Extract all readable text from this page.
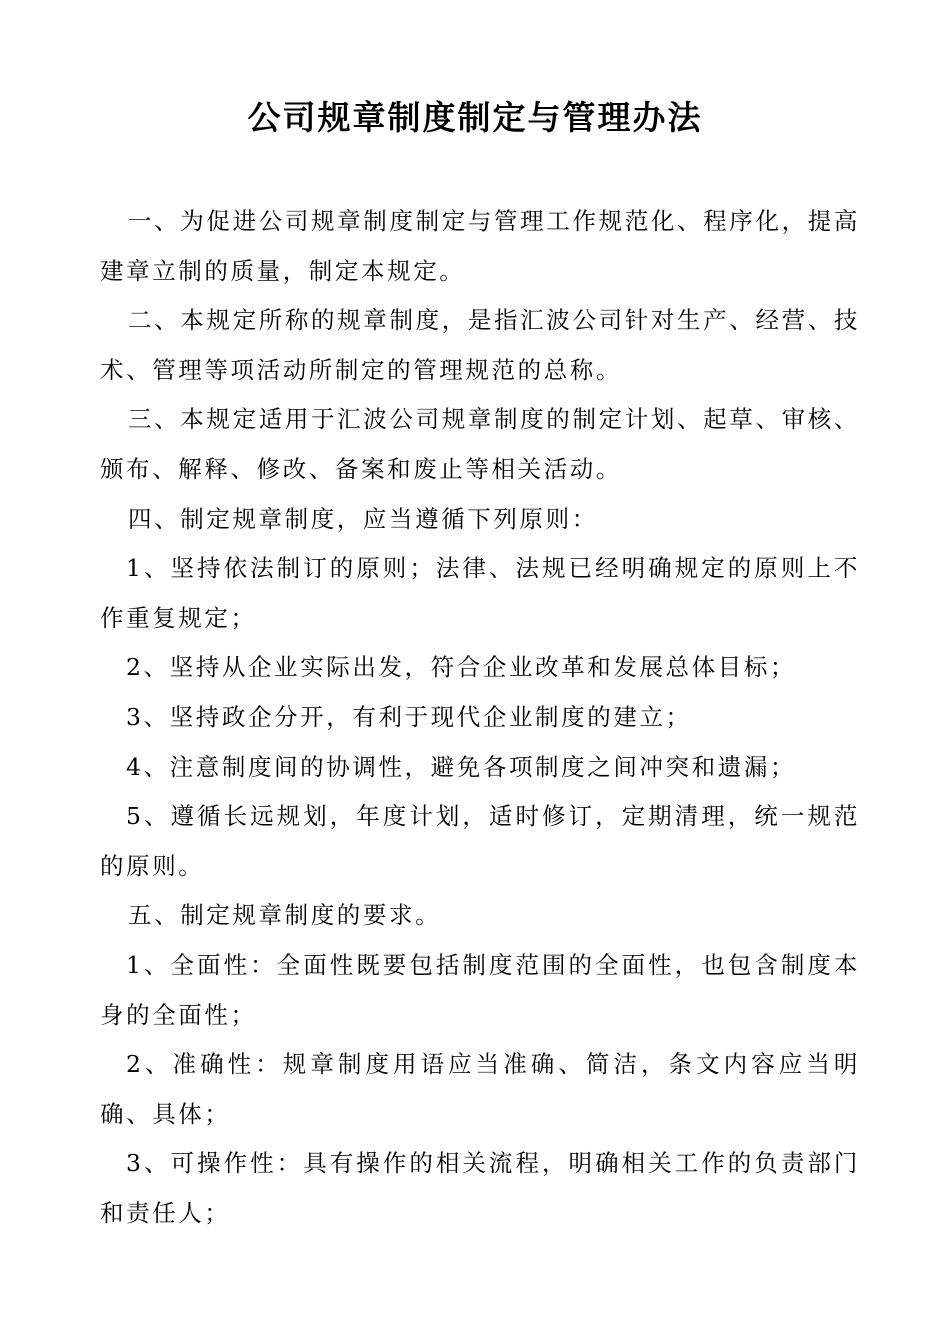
公司规章制度制定与管理办法

一、为促进公司规章制度制定与管理工作规范化、程序化，提高建章立制的质量，制定本规定。

二、本规定所称的规章制度，是指汇波公司针对生产、经营、技术、管理等项活动所制定的管理规范的总称。

三、本规定适用于汇波公司规章制度的制定计划、起草、审核、颁布、解释、修改、备案和废止等相关活动。

四、制定规章制度，应当遵循下列原则：

1、坚持依法制订的原则；法律、法规已经明确规定的原则上不作重复规定；

2、坚持从企业实际出发，符合企业改革和发展总体目标；

3、坚持政企分开，有利于现代企业制度的建立；

4、注意制度间的协调性，避免各项制度之间冲突和遗漏；

5、遵循长远规划，年度计划，适时修订，定期清理，统一规范的原则。

五、制定规章制度的要求。

1、全面性：全面性既要包括制度范围的全面性，也包含制度本身的全面性；

2、准确性：规章制度用语应当准确、简洁，条文内容应当明确、具体；

3、可操作性：具有操作的相关流程，明确相关工作的负责部门和责任人；
